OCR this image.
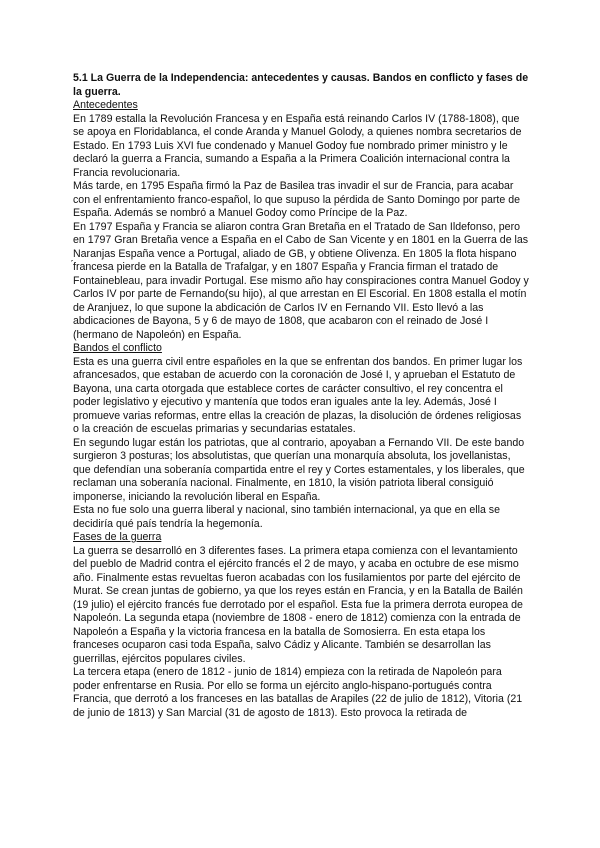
5.1 La Guerra de la Independencia: antecedentes y causas. Bandos en conflicto y fases de la guerra.

Antecedentes

En 1789 estalla la Revolución Francesa y en España está reinando Carlos IV (1788-1808), que se apoya en Floridablanca, el conde Aranda y Manuel Golody, a quienes nombra secretarios de Estado. En 1793 Luis XVI fue condenado y Manuel Godoy fue nombrado primer ministro y le declaró la guerra a Francia, sumando a España a la Primera Coalición internacional contra la Francia revolucionaria.

Más tarde, en 1795 España firmó la Paz de Basilea tras invadir el sur de Francia, para acabar con el enfrentamiento franco-español, lo que supuso la pérdida de Santo Domingo por parte de España. Además se nombró a Manuel Godoy como Príncipe de la Paz.

En 1797 España y Francia se aliaron contra Gran Bretaña en el Tratado de San Ildefonso, pero en 1797 Gran Bretaña vence a España en el Cabo de San Vicente y en 1801 en la Guerra de las Naranjas España vence a Portugal, aliado de GB, y obtiene Olivenza. En 1805 la flota hispano ́francesa pierde en la Batalla de Trafalgar, y en 1807 España y Francia firman el tratado de Fontainebleau, para invadir Portugal. Ese mismo año hay conspiraciones contra Manuel Godoy y Carlos IV por parte de Fernando(su hijo), al que arrestan en El Escorial. En 1808 estalla el motín de Aranjuez, lo que supone la abdicación de Carlos IV en Fernando VII. Esto llevó a las abdicaciones de Bayona, 5 y 6 de mayo de 1808, que acabaron con el reinado de José I (hermano de Napoleón) en España.

Bandos el conflicto

Esta es una guerra civil entre españoles en la que se enfrentan dos bandos. En primer lugar los afrancesados, que estaban de acuerdo con la coronación de José I, y aprueban el Estatuto de Bayona, una carta otorgada que establece cortes de carácter consultivo, el rey concentra el poder legislativo y ejecutivo y mantenía que todos eran iguales ante la ley. Además, José I promueve varias reformas, entre ellas la creación de plazas, la disolución de órdenes religiosas o la creación de escuelas primarias y secundarias estatales.

En segundo lugar están los patriotas, que al contrario, apoyaban a Fernando VII. De este bando surgieron 3 posturas; los absolutistas, que querían una monarquía absoluta, los jovellanistas, que defendían una soberanía compartida entre el rey y Cortes estamentales, y los liberales, que reclaman una soberanía nacional. Finalmente, en 1810, la visión patriota liberal consiguió imponerse, iniciando la revolución liberal en España.

Esta no fue solo una guerra liberal y nacional, sino también internacional, ya que en ella se decidiría qué país tendría la hegemonía.

Fases de la guerra

La guerra se desarrolló en 3 diferentes fases. La primera etapa comienza con el levantamiento del pueblo de Madrid contra el ejército francés el 2 de mayo, y acaba en octubre de ese mismo año. Finalmente estas revueltas fueron acabadas con los fusilamientos por parte del ejército de Murat. Se crean juntas de gobierno, ya que los reyes están en Francia, y en la Batalla de Bailén (19 julio) el ejército francés fue derrotado por el español. Esta fue la primera derrota europea de Napoleón. La segunda etapa (noviembre de 1808 - enero de 1812) comienza con la entrada de Napoleón a España y la victoria francesa en la batalla de Somosierra. En esta etapa los franceses ocuparon casi toda España, salvo Cádiz y Alicante. También se desarrollan las guerrillas, ejércitos populares civiles.

La tercera etapa (enero de 1812 - junio de 1814) empieza con la retirada de Napoleón para poder enfrentarse en Rusia. Por ello se forma un ejército anglo-hispano-portugués contra Francia, que derrotó a los franceses en las batallas de Arapiles (22 de julio de 1812), Vitoria (21 de junio de 1813) y San Marcial (31 de agosto de 1813). Esto provoca la retirada de
